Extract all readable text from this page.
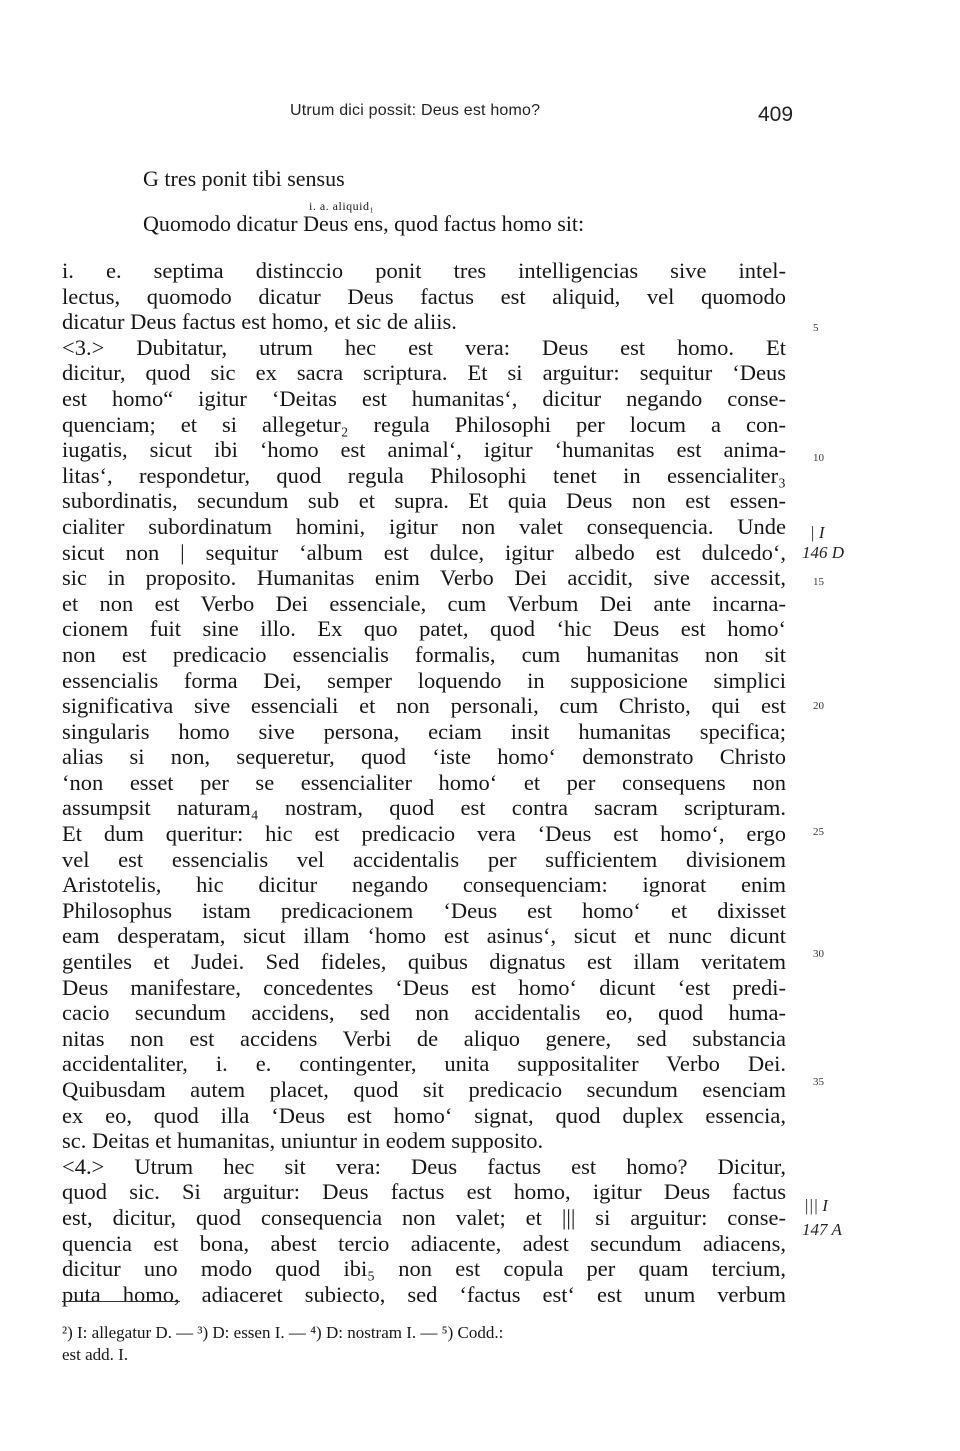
Utrum dici possit: Deus est homo?	409
G tres ponit tibi sensus
i. a. aliquid₁
Quomodo dicatur Deus ens, quod factus homo sit:
i. e. septima distinccio ponit tres intelligencias sive intel-
lectus, quomodo dicatur Deus factus est aliquid, vel quomodo
dicatur Deus factus est homo, et sic de aliis.
<3.> Dubitatur, utrum hec est vera: Deus est homo. Et
dicitur, quod sic ex sacra scriptura. Et si arguitur: sequitur ‘Deus
est homo“ igitur ‘Deitas est humanitas‘, dicitur negando conse-
quenciam; et si allegetur₂ regula Philosophi per locum a con-
iugatis, sicut ibi ‘homo est animal‘, igitur ‘humanitas est anima-
litas‘, respondetur, quod regula Philosophi tenet in essencialiter₃
subordinatis, secundum sub et supra. Et quia Deus non est essen-
cialiter subordinatum homini, igitur non valet consequencia. Unde
sicut non | sequitur ‘album est dulce, igitur albedo est dulcedo‘,
sic in proposito. Humanitas enim Verbo Dei accidit, sive accessit,
et non est Verbo Dei essenciale, cum Verbum Dei ante incarna-
cionem fuit sine illo. Ex quo patet, quod ‘hic Deus est homo‘
non est predicacio essencialis formalis, cum humanitas non sit
essencialis forma Dei, semper loquendo in supposicione simplici
significativa sive essenciali et non personali, cum Christo, qui est
singularis homo sive persona, eciam insit humanitas specifica;
alias si non, sequeretur, quod ‘iste homo‘ demonstrato Christo
‘non esset per se essencialiter homo‘ et per consequens non
assumpsit naturam₄ nostram, quod est contra sacram scripturam.
Et dum queritur: hic est predicacio vera ‘Deus est homo‘, ergo
vel est essencialis vel accidentalis per sufficientem divisionem
Aristotelis, hic dicitur negando consequenciam: ignorat enim
Philosophus istam predicacionem ‘Deus est homo‘ et dixisset
eam desperatam, sicut illam ‘homo est asinus‘, sicut et nunc dicunt
gentiles et Judei. Sed fideles, quibus dignatus est illam veritatem
Deus manifestare, concedentes ‘Deus est homo‘ dicunt ‘est predi-
cacio secundum accidens, sed non accidentalis eo, quod huma-
nitas non est accidens Verbi de aliquo genere, sed substancia
accidentaliter, i. e. contingenter, unita suppositaliter Verbo Dei.
Quibusdam autem placet, quod sit predicacio secundum esenciam
ex eo, quod illa ‘Deus est homo‘ signat, quod duplex essencia,
sc. Deitas et humanitas, uniuntur in eodem supposito.
<4.> Utrum hec sit vera: Deus factus est homo? Dicitur,
quod sic. Si arguitur: Deus factus est homo, igitur Deus factus
est, dicitur, quod consequencia non valet; et ||| si arguitur: conse-
quencia est bona, abest tercio adiacente, adest secundum adiacens,
dicitur uno modo quod ibi₅ non est copula per quam tercium,
puta homo, adiaceret subiecto, sed ‘factus est‘ est unum verbum
5
10
15
20
25
30
35
| I
146 D
||| I
147 A
²) I: allegatur D. — ³) D: essen I. — ⁴) D: nostram I. — ⁵) Codd.:
est add. I.
